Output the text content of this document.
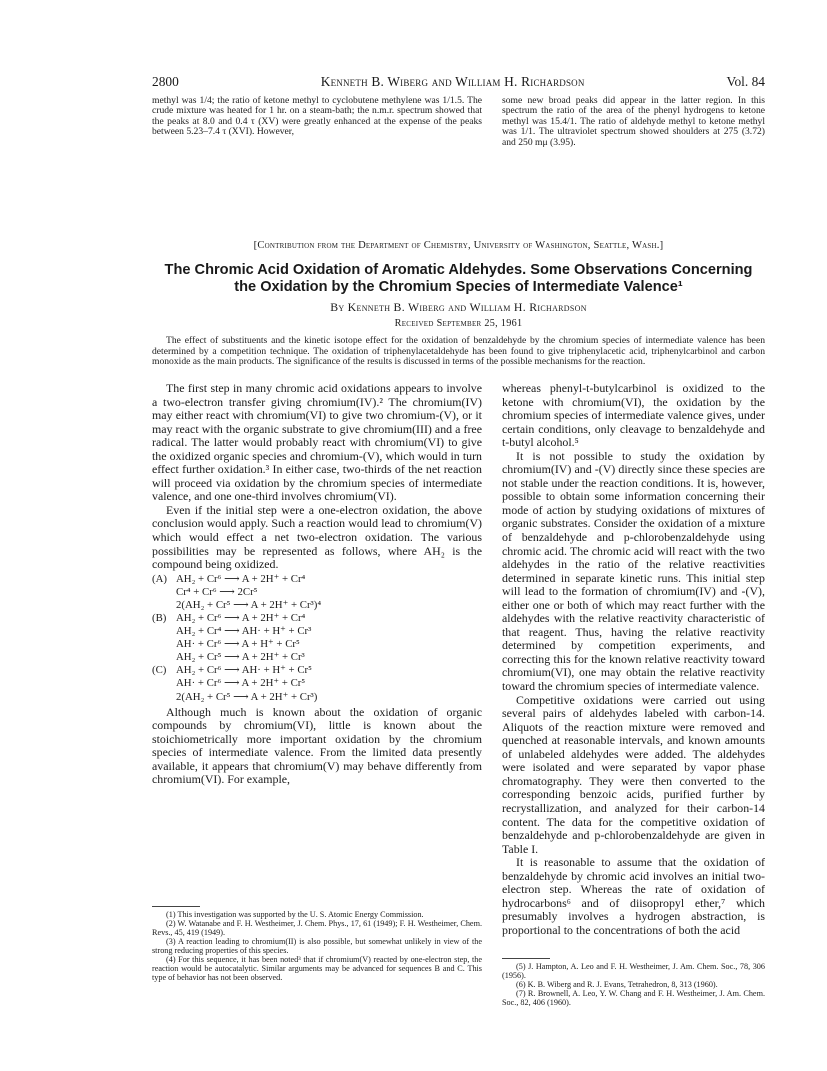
2800	Kenneth B. Wiberg and William H. Richardson	Vol. 84

methyl was 1/4; the ratio of ketone methyl to cyclobutene methylene was 1/1.5. The crude mixture was heated for 1 hr. on a steam-bath; the n.m.r. spectrum showed that the peaks at 8.0 and 0.4 τ (XV) were greatly enhanced at the expense of the peaks between 5.23–7.4 τ (XVI). However,

some new broad peaks did appear in the latter region. In this spectrum the ratio of the area of the phenyl hydrogens to ketone methyl was 15.4/1. The ratio of aldehyde methyl to ketone methyl was 1/1. The ultraviolet spectrum showed shoulders at 275 (3.72) and 250 mμ (3.95).

[Contribution from the Department of Chemistry, University of Washington, Seattle, Wash.]
The Chromic Acid Oxidation of Aromatic Aldehydes. Some Observations Concerning
the Oxidation by the Chromium Species of Intermediate Valence¹
By Kenneth B. Wiberg and William H. Richardson
Received September 25, 1961

The effect of substituents and the kinetic isotope effect for the oxidation of benzaldehyde by the chromium species of intermediate valence has been determined by a competition technique. The oxidation of triphenylacetaldehyde has been found to give triphenylacetic acid, triphenylcarbinol and carbon monoxide as the main products. The significance of the results is discussed in terms of the possible mechanisms for the reaction.

The first step in many chromic acid oxidations appears to involve a two-electron transfer giving chromium(IV).² The chromium(IV) may either react with chromium(VI) to give two chromium-(V), or it may react with the organic substrate to give chromium(III) and a free radical. The latter would probably react with chromium(VI) to give the oxidized organic species and chromium-(V), which would in turn effect further oxidation.³ In either case, two-thirds of the net reaction will proceed via oxidation by the chromium species of intermediate valence, and one one-third involves chromium(VI).

Even if the initial step were a one-electron oxidation, the above conclusion would apply. Such a reaction would lead to chromium(V) which would effect a net two-electron oxidation. The various possibilities may be represented as follows, where AH₂ is the compound being oxidized.

(A) AH₂ + Cr⁶ ⟶ A + 2H⁺ + Cr⁴
Cr⁴ + Cr⁶ ⟶ 2Cr⁵
2(AH₂ + Cr⁵ ⟶ A + 2H⁺ + Cr³)⁴
(B) AH₂ + Cr⁶ ⟶ A + 2H⁺ + Cr⁴
AH₂ + Cr⁴ ⟶ AH· + H⁺ + Cr³
AH· + Cr⁶ ⟶ A + H⁺ + Cr⁵
AH₂ + Cr⁵ ⟶ A + 2H⁺ + Cr³
(C) AH₂ + Cr⁶ ⟶ AH· + H⁺ + Cr⁵
AH· + Cr⁶ ⟶ A + 2H⁺ + Cr⁵
2(AH₂ + Cr⁵ ⟶ A + 2H⁺ + Cr³)

Although much is known about the oxidation of organic compounds by chromium(VI), little is known about the stoichiometrically more important oxidation by the chromium species of intermediate valence. From the limited data presently available, it appears that chromium(V) may behave differently from chromium(VI). For example,

(1) This investigation was supported by the U. S. Atomic Energy Commission.

(2) W. Watanabe and F. H. Westheimer, J. Chem. Phys., 17, 61 (1949); F. H. Westheimer, Chem. Revs., 45, 419 (1949).

(3) A reaction leading to chromium(II) is also possible, but somewhat unlikely in view of the strong reducing properties of this species.

(4) For this sequence, it has been noted³ that if chromium(V) reacted by one-electron step, the reaction would be autocatalytic. Similar arguments may be advanced for sequences B and C. This type of behavior has not been observed.

whereas phenyl-t-butylcarbinol is oxidized to the ketone with chromium(VI), the oxidation by the chromium species of intermediate valence gives, under certain conditions, only cleavage to benzaldehyde and t-butyl alcohol.⁵

It is not possible to study the oxidation by chromium(IV) and -(V) directly since these species are not stable under the reaction conditions. It is, however, possible to obtain some information concerning their mode of action by studying oxidations of mixtures of organic substrates. Consider the oxidation of a mixture of benzaldehyde and p-chlorobenzaldehyde using chromic acid. The chromic acid will react with the two aldehydes in the ratio of the relative reactivities determined in separate kinetic runs. This initial step will lead to the formation of chromium(IV) and -(V), either one or both of which may react further with the aldehydes with the relative reactivity characteristic of that reagent. Thus, having the relative reactivity determined by competition experiments, and correcting this for the known relative reactivity toward chromium(VI), one may obtain the relative reactivity toward the chromium species of intermediate valence.

Competitive oxidations were carried out using several pairs of aldehydes labeled with carbon-14. Aliquots of the reaction mixture were removed and quenched at reasonable intervals, and known amounts of unlabeled aldehydes were added. The aldehydes were isolated and were separated by vapor phase chromatography. They were then converted to the corresponding benzoic acids, purified further by recrystallization, and analyzed for their carbon-14 content. The data for the competitive oxidation of benzaldehyde and p-chlorobenzaldehyde are given in Table I.

It is reasonable to assume that the oxidation of benzaldehyde by chromic acid involves an initial two-electron step. Whereas the rate of oxidation of hydrocarbons⁶ and of diisopropyl ether,⁷ which presumably involves a hydrogen abstraction, is proportional to the concentrations of both the acid

(5) J. Hampton, A. Leo and F. H. Westheimer, J. Am. Chem. Soc., 78, 306 (1956).

(6) K. B. Wiberg and R. J. Evans, Tetrahedron, 8, 313 (1960).

(7) R. Brownell, A. Leo, Y. W. Chang and F. H. Westheimer, J. Am. Chem. Soc., 82, 406 (1960).
